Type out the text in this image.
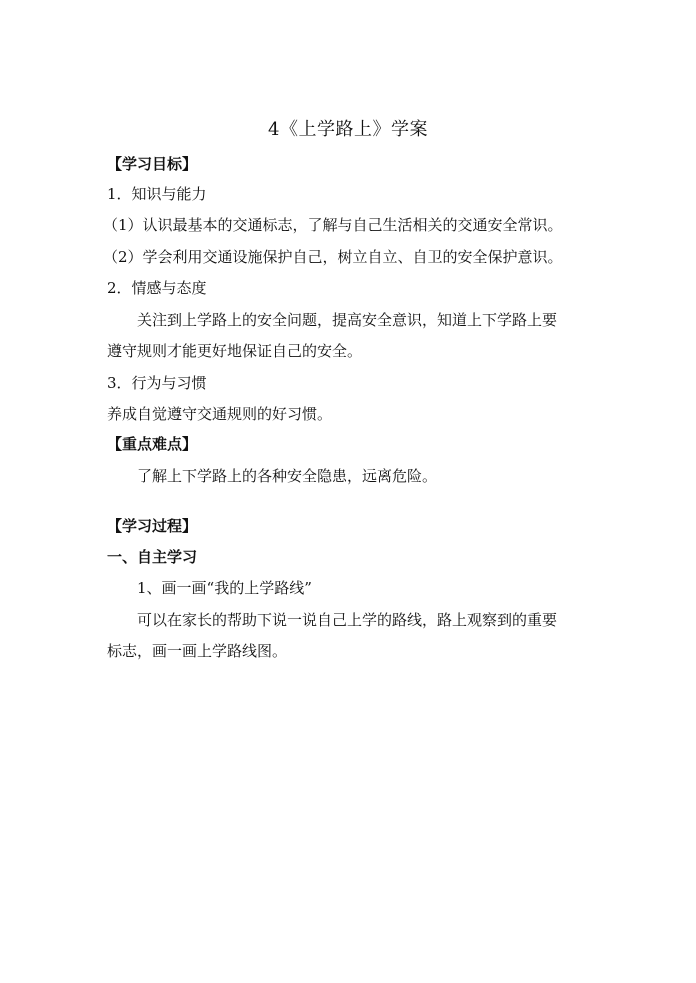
4《上学路上》学案
【学习目标】
1．知识与能力
（1）认识最基本的交通标志，了解与自己生活相关的交通安全常识。
（2）学会利用交通设施保护自己，树立自立、自卫的安全保护意识。
2．情感与态度
关注到上学路上的安全问题，提高安全意识，知道上下学路上要
遵守规则才能更好地保证自己的安全。
3．行为与习惯
养成自觉遵守交通规则的好习惯。
【重点难点】
了解上下学路上的各种安全隐患，远离危险。
【学习过程】
一、自主学习
1、画一画“我的上学路线”
可以在家长的帮助下说一说自己上学的路线，路上观察到的重要
标志，画一画上学路线图。
